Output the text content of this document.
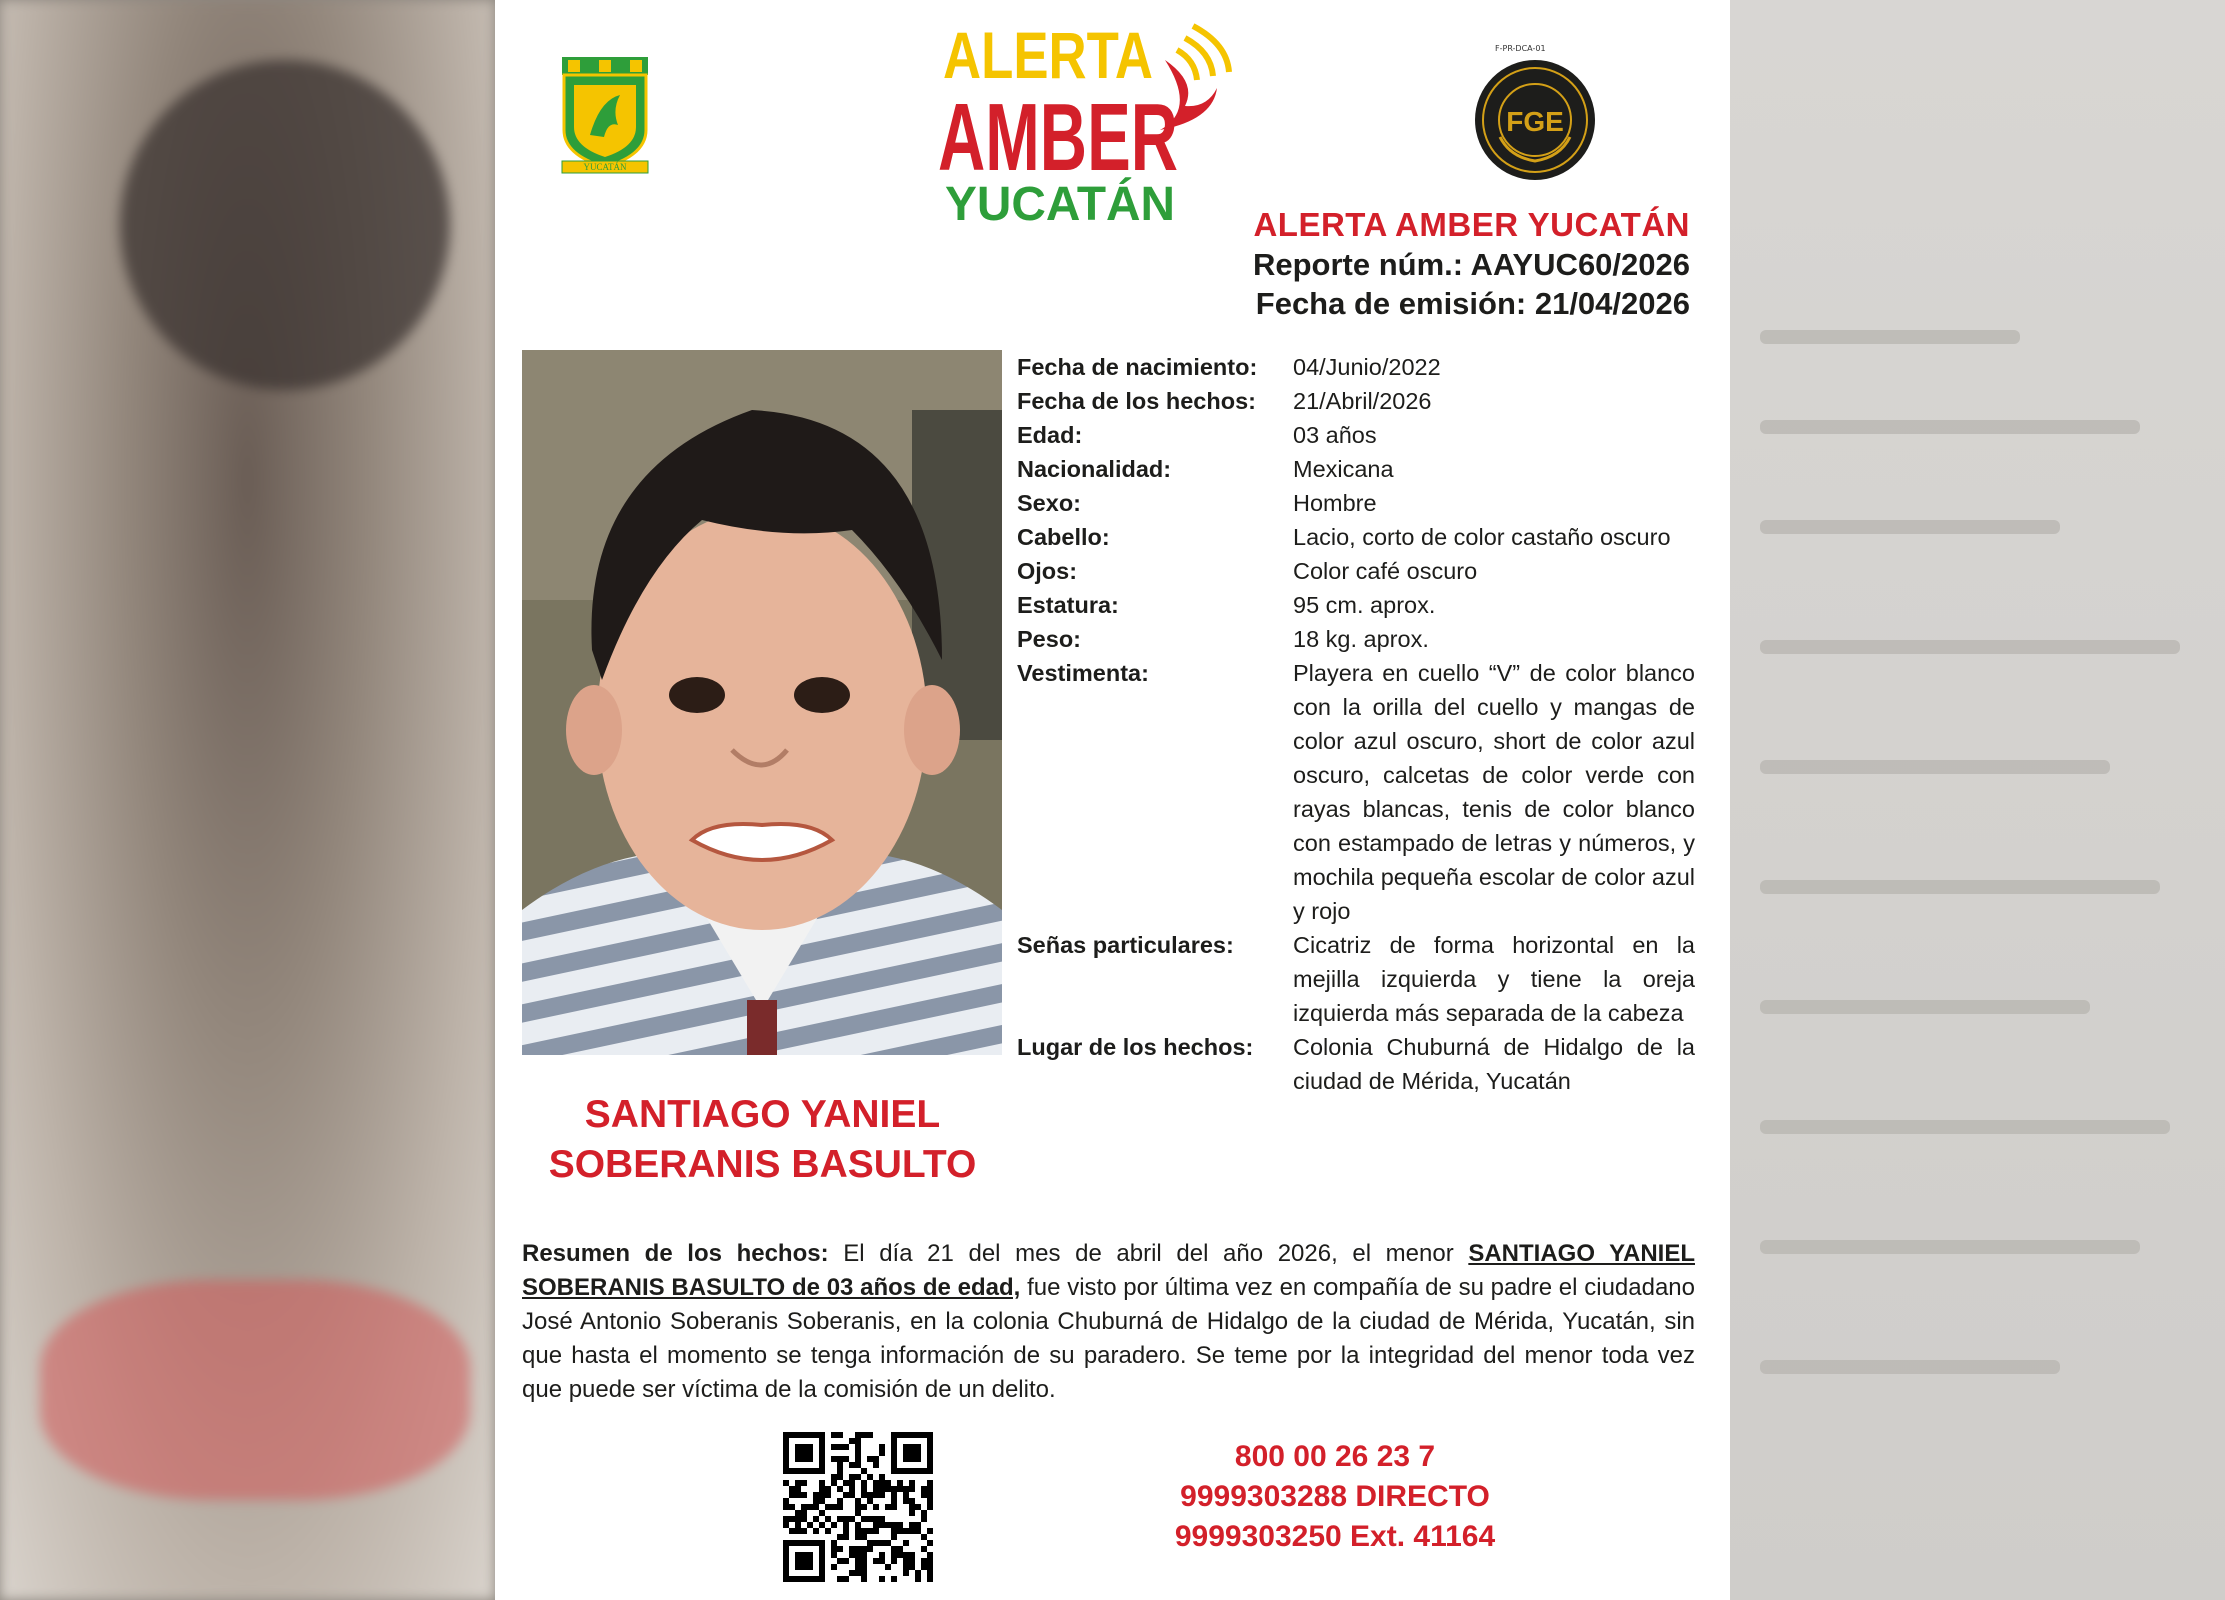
YUCATÁN
ALERTA
AMBER
YUCATÁN
F-PR-DCA-01
FGE
ALERTA AMBER YUCATÁN
Reporte núm.: AAYUC60/2026
Fecha de emisión: 21/04/2026
SANTIAGO YANIEL
SOBERANIS BASULTO
Fecha de nacimiento:	04/Junio/2022
Fecha de los hechos:	21/Abril/2026
Edad:	03 años
Nacionalidad:	Mexicana
Sexo:	Hombre
Cabello:	Lacio, corto de color castaño oscuro
Ojos:	Color café oscuro
Estatura:	95 cm. aprox.
Peso:	18 kg. aprox.
Vestimenta:	Playera en cuello “V” de color blanco con la orilla del cuello y mangas de color azul oscuro, short de color azul oscuro, calcetas de color verde con rayas blancas, tenis de color blanco con estampado de letras y números, y mochila pequeña escolar de color azul y rojo
Señas particulares:	Cicatriz de forma horizontal en la mejilla izquierda y tiene la oreja izquierda más separada de la cabeza
Lugar de los hechos:	Colonia Chuburná de Hidalgo de la ciudad de Mérida, Yucatán
Resumen de los hechos: El día 21 del mes de abril del año 2026, el menor SANTIAGO YANIEL SOBERANIS BASULTO de 03 años de edad, fue visto por última vez en compañía de su padre el ciudadano José Antonio Soberanis Soberanis, en la colonia Chuburná de Hidalgo de la ciudad de Mérida, Yucatán, sin que hasta el momento se tenga información de su paradero. Se teme por la integridad del menor toda vez que puede ser víctima de la comisión de un delito.
800 00 26 23 7
9999303288 DIRECTO
9999303250 Ext. 41164
